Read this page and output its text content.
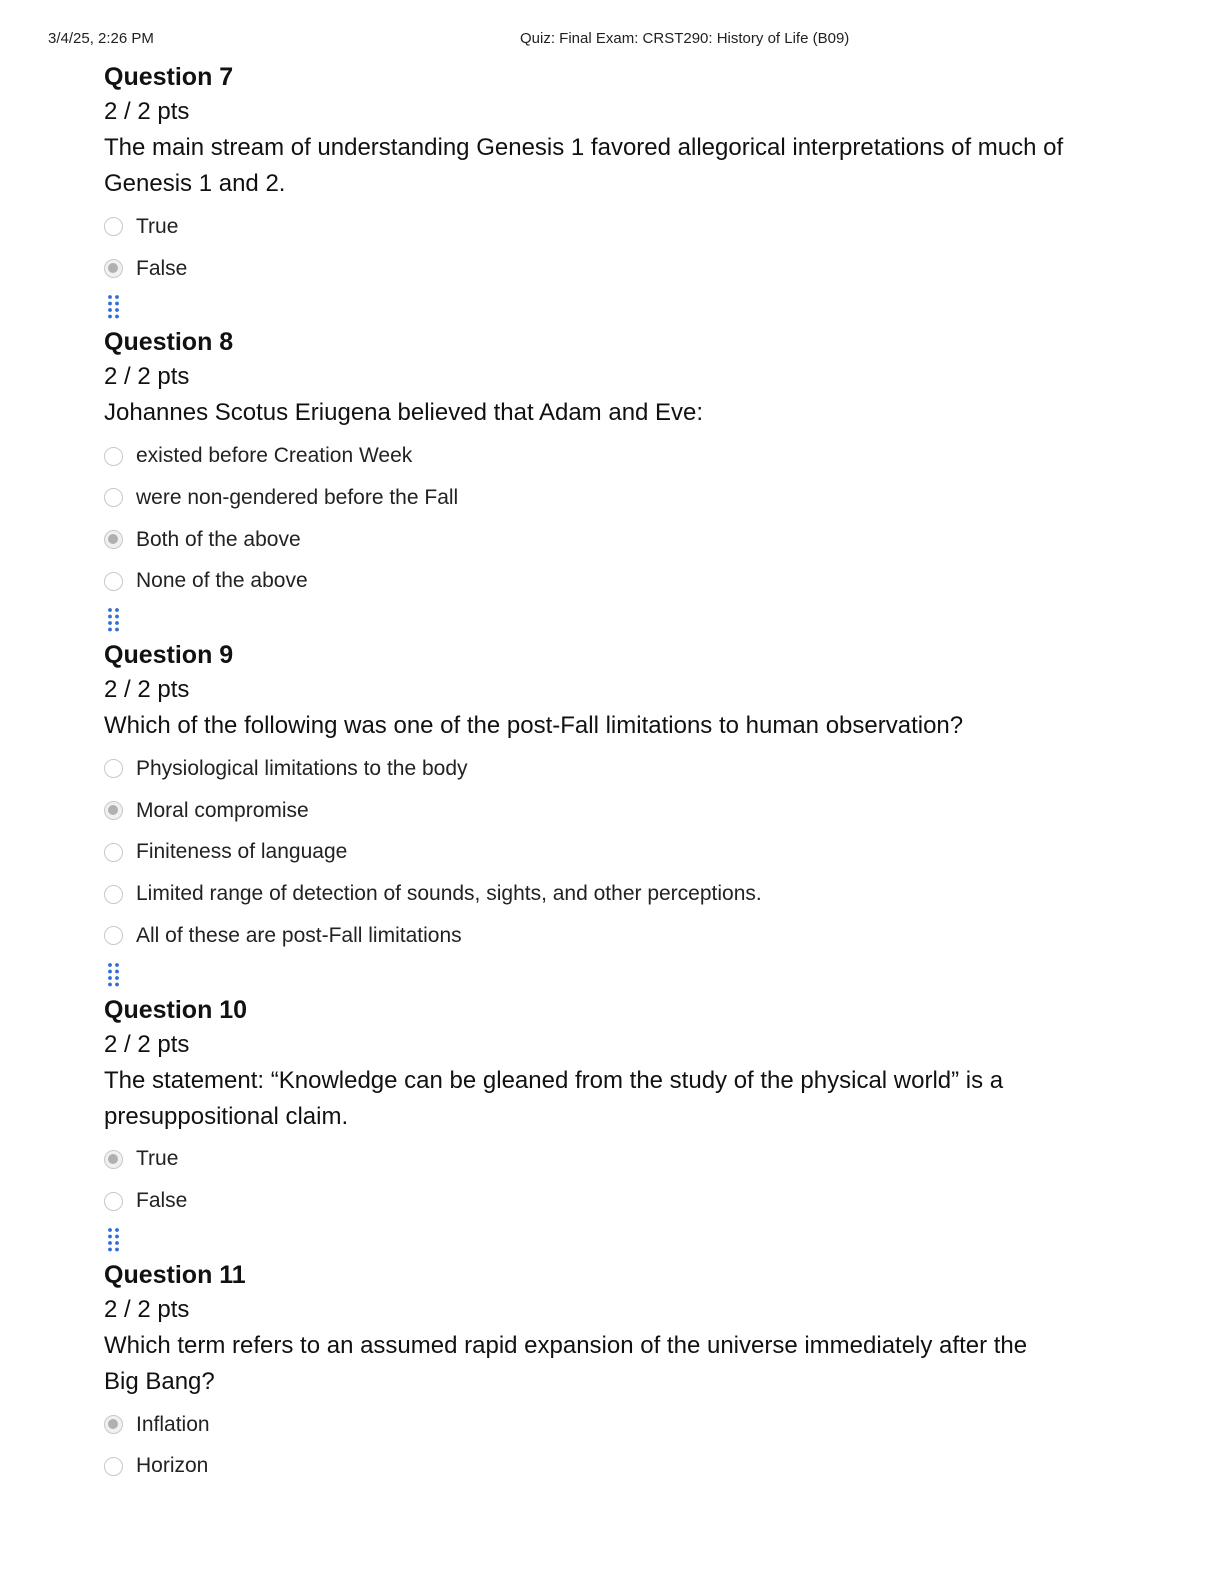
3/4/25, 2:26 PM	Quiz: Final Exam: CRST290: History of Life (B09)
Question 7
2 / 2 pts

The main stream of understanding Genesis 1 favored allegorical interpretations of much of Genesis 1 and 2.

True
False
Question 8
2 / 2 pts

Johannes Scotus Eriugena believed that Adam and Eve:

existed before Creation Week
were non-gendered before the Fall
Both of the above
None of the above
Question 9
2 / 2 pts

Which of the following was one of the post-Fall limitations to human observation?

Physiological limitations to the body
Moral compromise
Finiteness of language
Limited range of detection of sounds, sights, and other perceptions.
All of these are post-Fall limitations
Question 10
2 / 2 pts

The statement: “Knowledge can be gleaned from the study of the physical world” is a presuppositional claim.

True
False
Question 11
2 / 2 pts

Which term refers to an assumed rapid expansion of the universe immediately after the Big Bang?

Inflation
Horizon
